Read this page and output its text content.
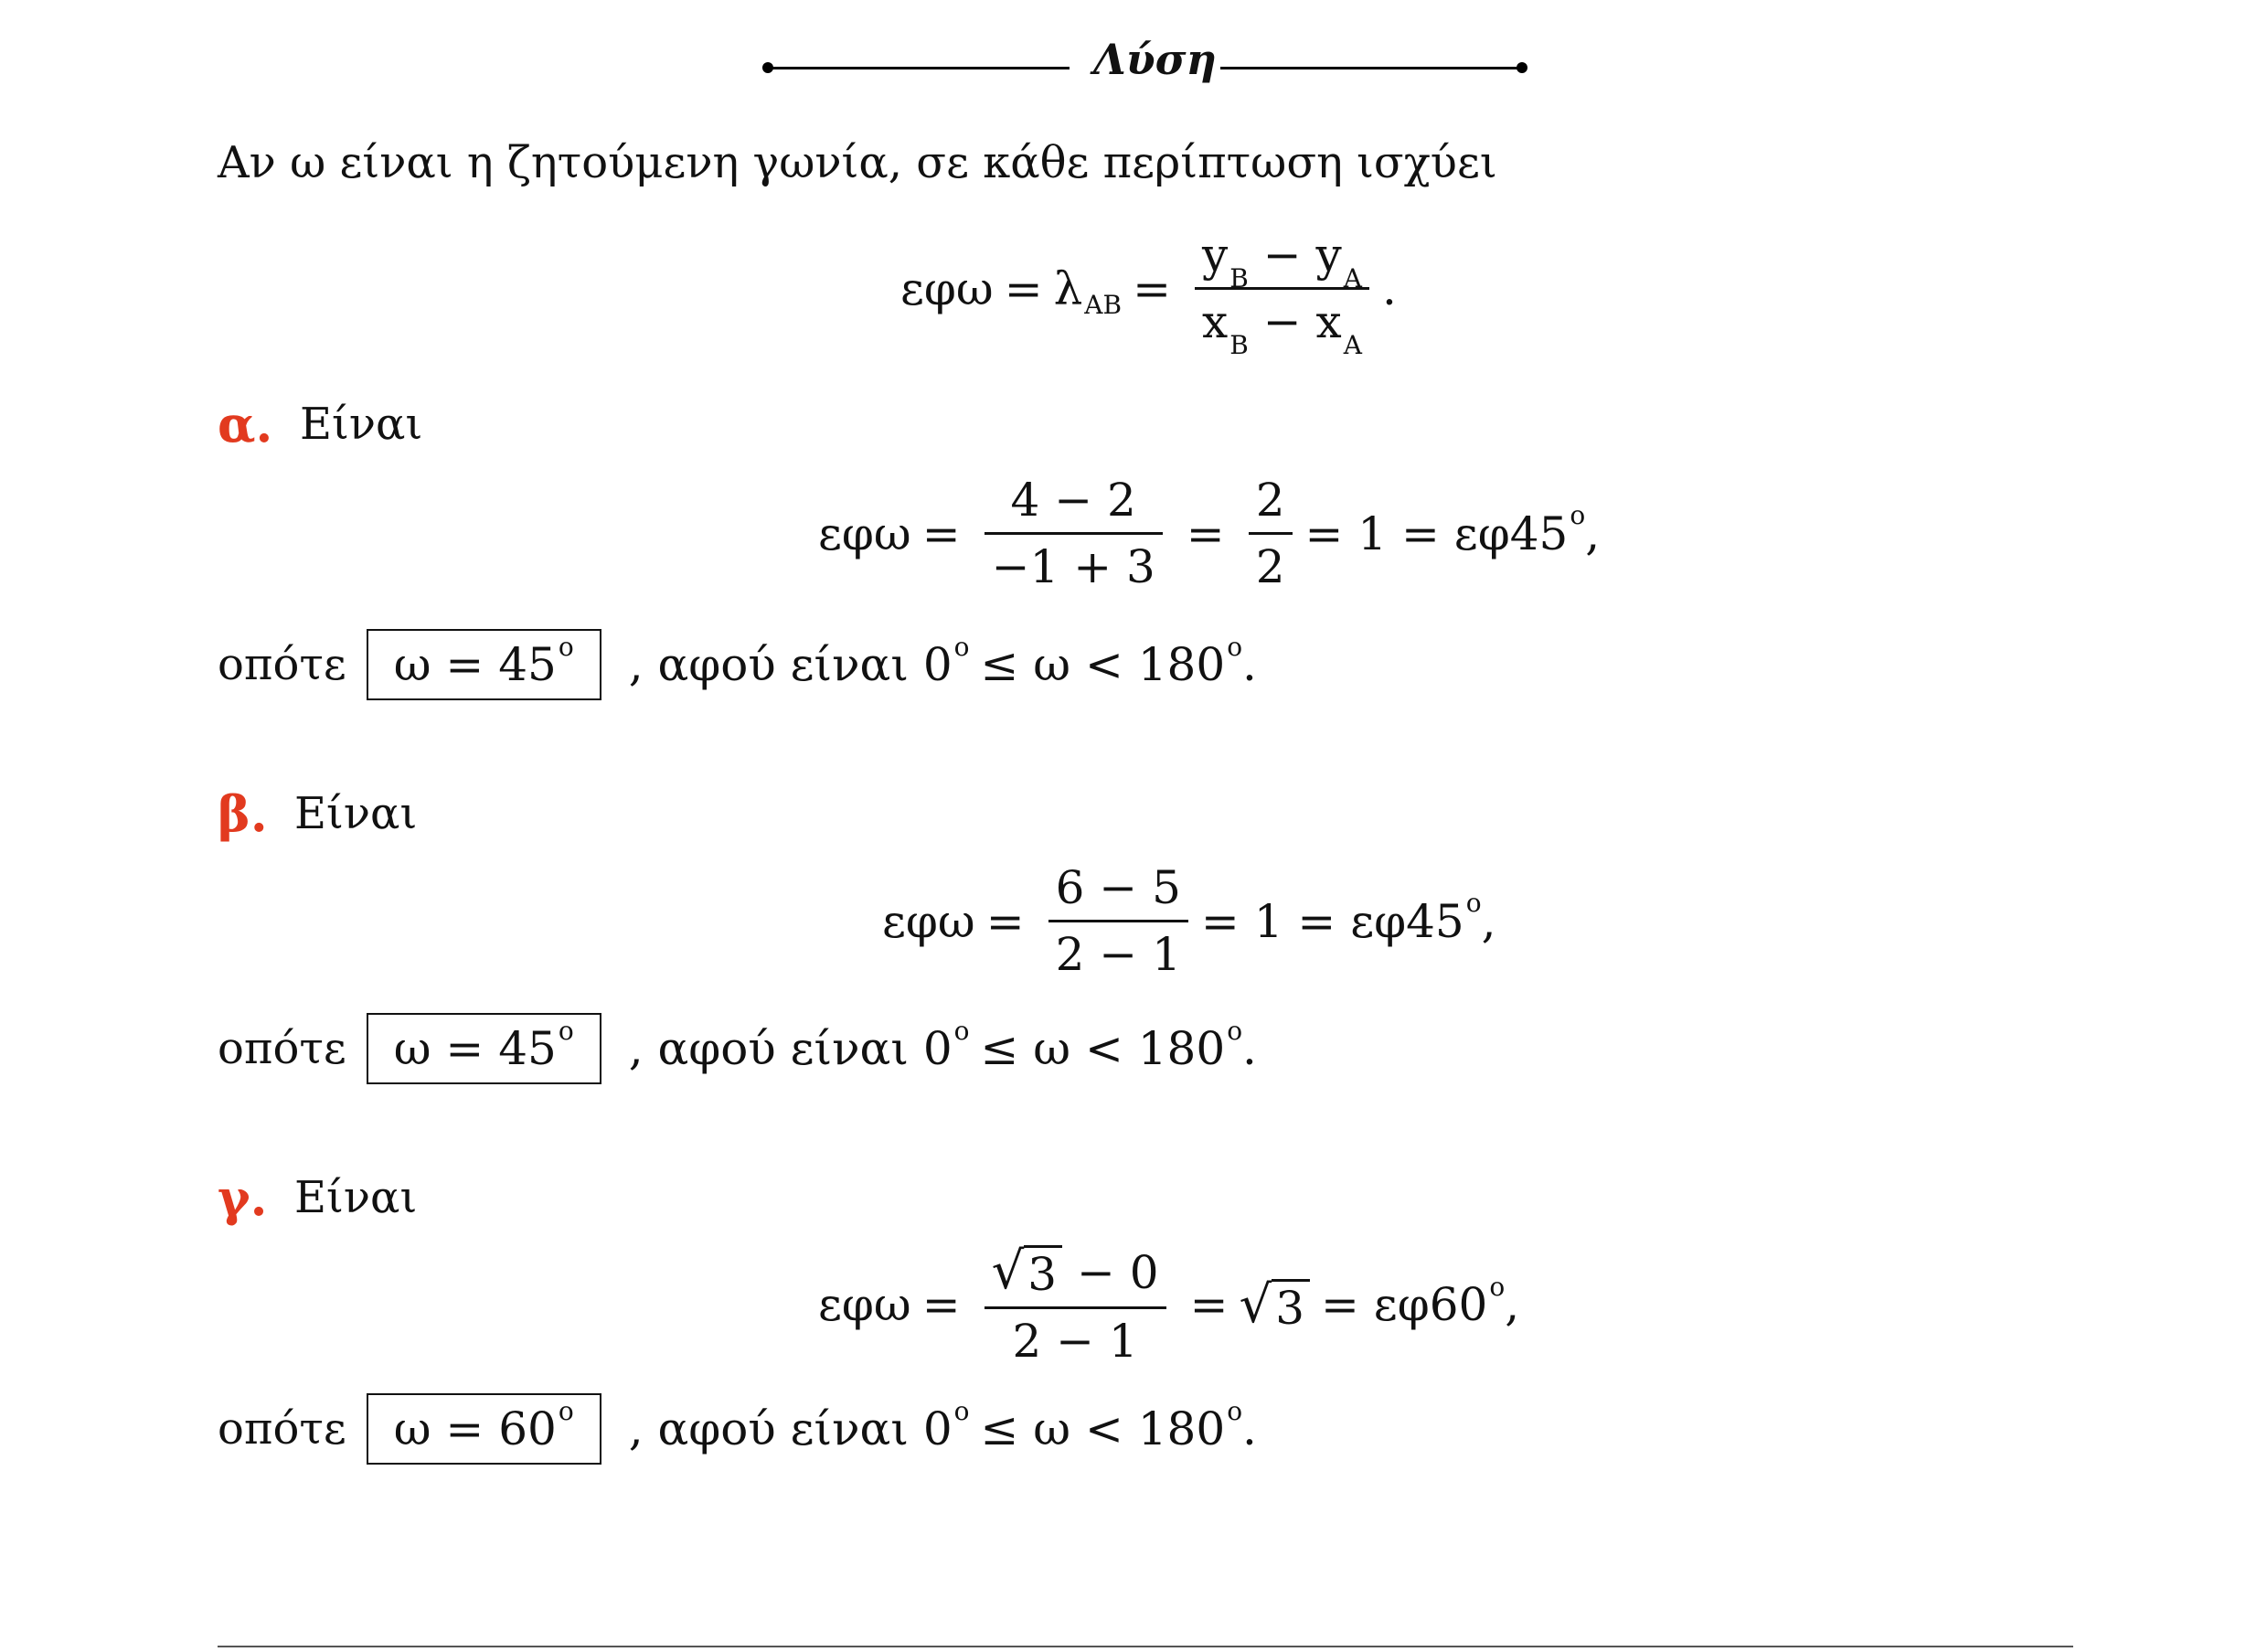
Λύση
Αν ω είναι η ζητούμενη γωνία, σε κάθε περίπτωση ισχύει
εφω = λ AB = $\frac{y_B - y_A}{x_B - x_A}$ .
α. Είναι
$\varepsilon\varphi\omega = \frac{4 - 2}{-1 + 3} = \frac{2}{2} = 1 = \varepsilon\varphi 45$ o ,
οπότε ω = 45 o , αφού είναι 0 o ≤ ω < 180 o .
β. Είναι
$\varepsilon\varphi\omega = \frac{6 - 5}{2 - 1} = 1 = \varepsilon\varphi 45$ o ,
οπότε ω = 45 o , αφού είναι 0 o ≤ ω < 180 o .
γ. Είναι
$\varepsilon\varphi\omega = \frac{√ 3 - 0}{2 - 1}$ = √ 3 = εφ60 o ,
οπότε ω = 60 o , αφού είναι 0 o ≤ ω < 180 o .
